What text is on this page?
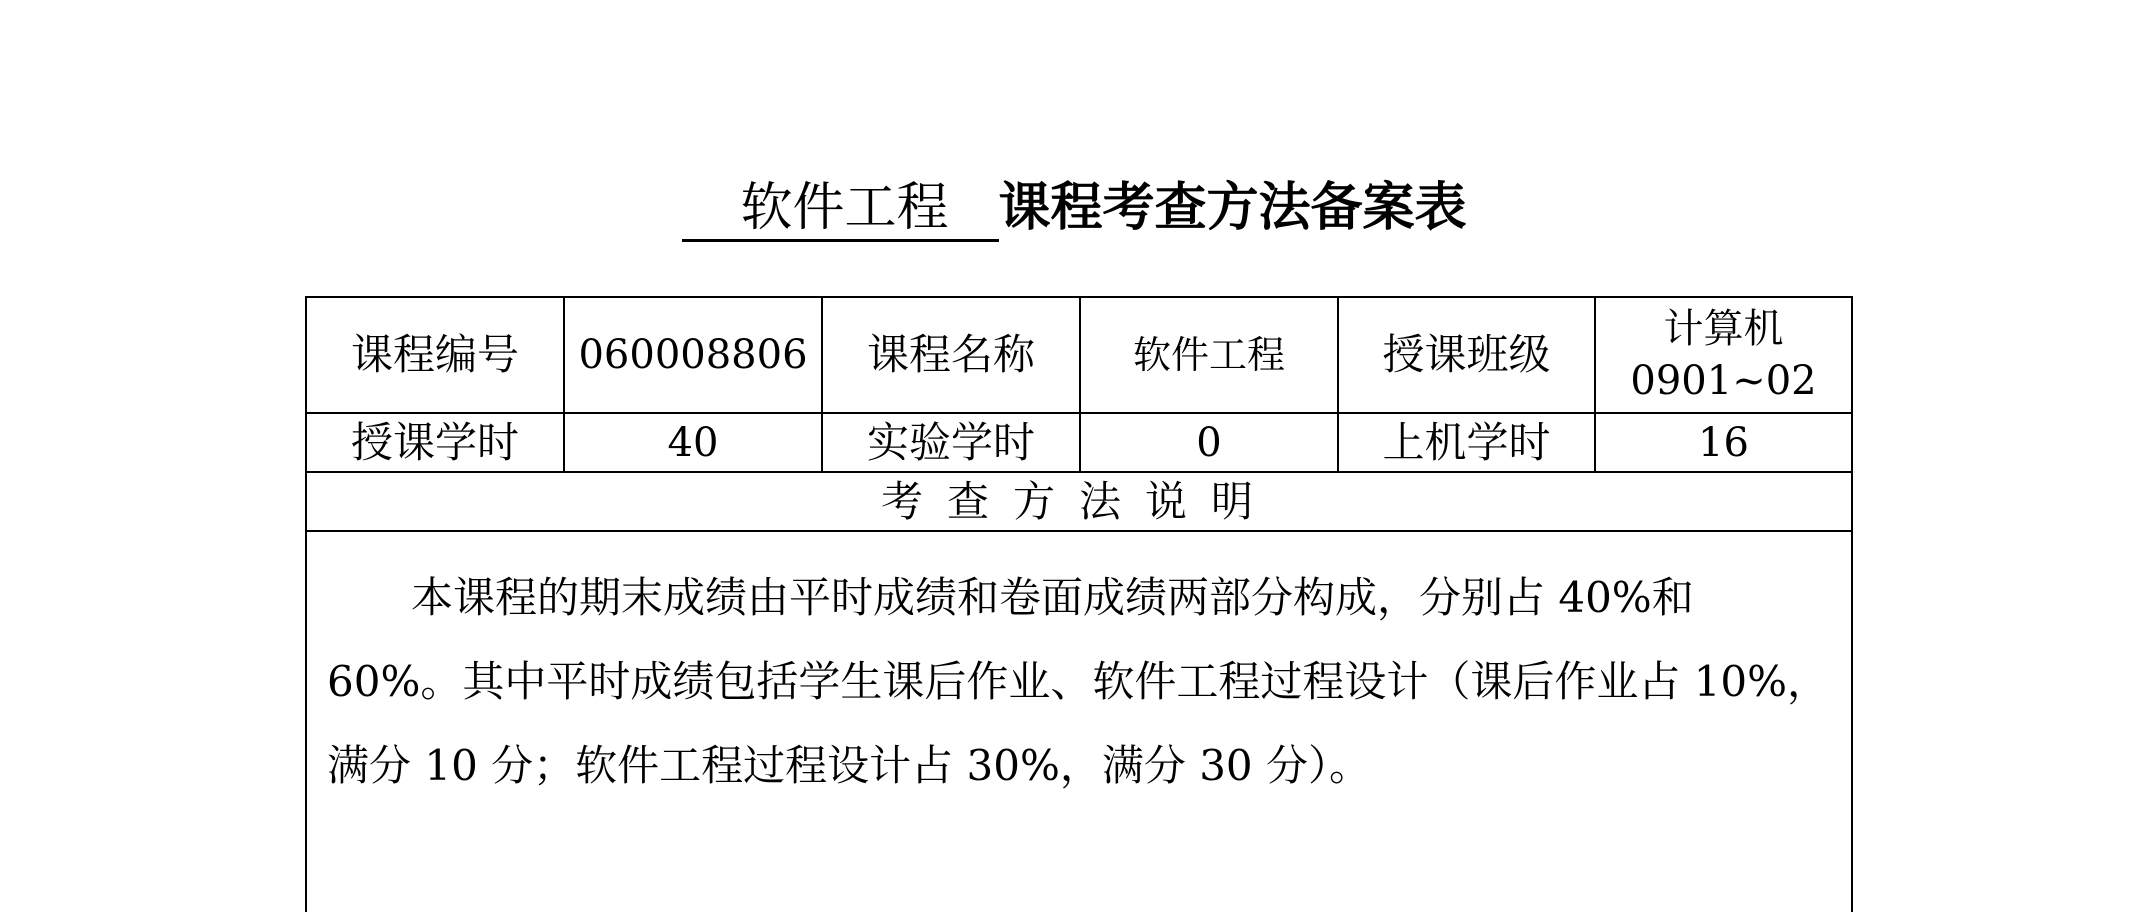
软件工程 课程考查方法备案表
课程编号	060008806	课程名称	软件工程	授课班级	计算机
0901~02

授课学时	40	实验学时	0	上机学时	16
考查方法说明					

本课程的期末成绩由平时成绩和卷面成绩两部分构成，分别占 40%和 60%。其中平时成绩包括学生课后作业、软件工程过程设计（课后作业占 10%，满分 10 分；软件工程过程设计占 30%，满分 30 分）。					
